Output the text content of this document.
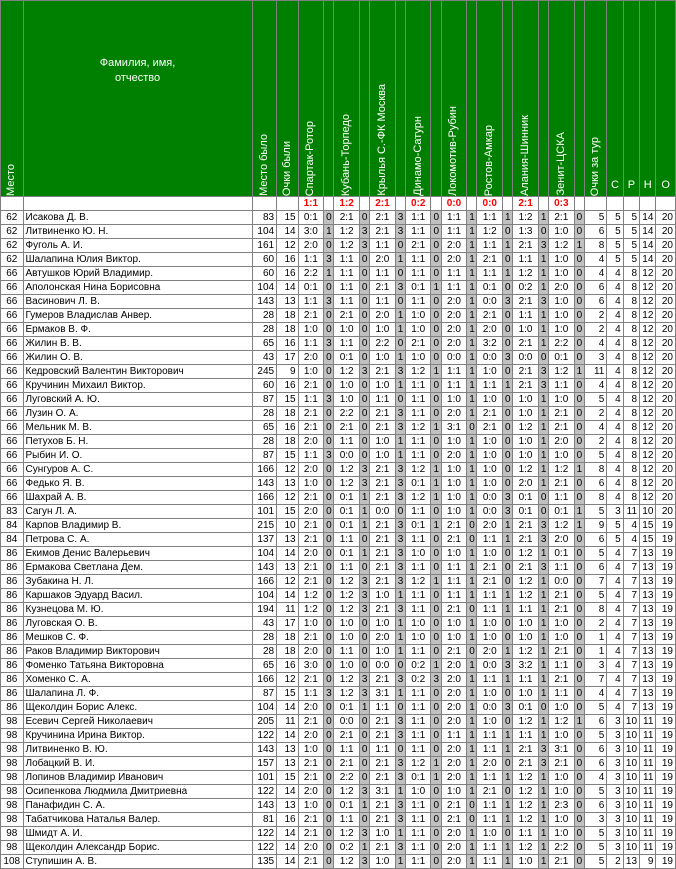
Место	Фамилия, имя,
отчество	Место было	Очки были	Спартак-Ротор		Кубань-Торпедо		Крылья С.-ФК Москва		Динамо-Сатурн		Локомотив-Рубин		Ростов-Амкар		Алания-Шинник		Зенит-ЦСКА		Очки за тур	С	Р	Н	О

				1:1		1:2		2:1		0:2		0:0		0:0		2:1		0:3						
62	Исакова Д. В.	83	15	0:1	0	2:1	0	2:1	3	1:1	0	1:1	1	1:1	1	1:2	1	2:1	0	5	5	5	14	20
62	Литвиненко Ю. Н.	104	14	3:0	1	1:2	3	2:1	3	1:1	0	1:1	1	1:2	0	1:3	0	1:0	0	6	5	5	14	20
62	Фуголь А. И.	161	12	2:0	0	1:2	3	1:1	0	2:1	0	2:0	1	1:1	1	2:1	3	1:2	1	8	5	5	14	20
62	Шалапина Юлия Виктор.	60	16	1:1	3	1:1	0	2:0	1	1:1	0	2:0	1	2:1	0	1:1	1	1:0	0	4	5	5	14	20
66	Автушков Юрий Владимир.	60	16	2:2	1	1:1	0	1:1	0	1:1	0	1:1	1	1:1	1	1:2	1	1:0	0	4	4	8	12	20
66	Аполонская Нина Борисовна	104	14	0:1	0	1:1	0	2:1	3	0:1	1	1:1	1	0:1	0	0:2	1	2:0	0	6	4	8	12	20
66	Васинович Л. В.	143	13	1:1	3	1:1	0	1:1	0	1:1	0	2:0	1	0:0	3	2:1	3	1:0	0	6	4	8	12	20
66	Гумеров Владислав Анвер.	28	18	2:1	0	2:1	0	2:0	1	1:0	0	2:0	1	2:1	0	1:1	1	1:0	0	2	4	8	12	20
66	Ермаков В. Ф.	28	18	1:0	0	1:0	0	1:0	1	1:0	0	2:0	1	2:0	0	1:0	1	1:0	0	2	4	8	12	20
66	Жилин В. В.	65	16	1:1	3	1:1	0	2:2	0	2:1	0	2:0	1	3:2	0	2:1	1	2:2	0	4	4	8	12	20
66	Жилин О. В.	43	17	2:0	0	0:1	0	1:0	1	1:0	0	0:0	1	0:0	3	0:0	0	0:1	0	3	4	8	12	20
66	Кедровский Валентин Викторович	245	9	1:0	0	1:2	3	2:1	3	1:2	1	1:1	1	1:0	0	2:1	3	1:2	1	11	4	8	12	20
66	Кручинин Михаил Виктор.	60	16	2:1	0	1:0	0	1:0	1	1:1	0	1:1	1	1:1	1	2:1	3	1:1	0	4	4	8	12	20
66	Луговский А. Ю.	87	15	1:1	3	1:0	0	1:1	0	1:1	0	1:0	1	1:0	0	1:0	1	1:0	0	5	4	8	12	20
66	Лузин О. А.	28	18	2:1	0	2:2	0	2:1	3	1:1	0	2:0	1	2:1	0	1:0	1	2:1	0	2	4	8	12	20
66	Мельник М. В.	65	16	2:1	0	2:1	0	2:1	3	1:2	1	3:1	0	2:1	0	1:2	1	2:1	0	4	4	8	12	20
66	Петухов Б. Н.	28	18	2:0	0	1:1	0	1:0	1	1:1	0	1:0	1	1:0	0	1:0	1	2:0	0	2	4	8	12	20
66	Рыбин И. О.	87	15	1:1	3	0:0	0	1:0	1	1:1	0	2:0	1	1:0	0	1:0	1	1:0	0	5	4	8	12	20
66	Сунгуров А. С.	166	12	2:0	0	1:2	3	2:1	3	1:2	1	1:0	1	1:0	0	1:2	1	1:2	1	8	4	8	12	20
66	Федько Я. В.	143	13	1:0	0	1:2	3	2:1	3	0:1	1	1:0	1	1:0	0	2:0	1	2:1	0	6	4	8	12	20
66	Шахрай А. В.	166	12	2:1	0	0:1	1	2:1	3	1:2	1	1:0	1	0:0	3	0:1	0	1:1	0	8	4	8	12	20
83	Сагун Л. А.	101	15	2:0	0	0:1	1	0:0	0	1:1	0	1:0	1	0:0	3	0:1	0	0:1	1	5	3	11	10	20
84	Карпов Владимир В.	215	10	2:1	0	0:1	1	2:1	3	0:1	1	2:1	0	2:0	1	2:1	3	1:2	1	9	5	4	15	19
84	Петрова С. А.	137	13	2:1	0	1:1	0	2:1	3	1:1	0	2:1	0	1:1	1	2:1	3	2:0	0	6	5	4	15	19
86	Екимов Денис Валерьевич	104	14	2:0	0	0:1	1	2:1	3	1:0	0	1:0	1	1:0	0	1:2	1	0:1	0	5	4	7	13	19
86	Ермакова Светлана Дем.	143	13	2:1	0	1:1	0	2:1	3	1:1	0	1:1	1	2:1	0	2:1	3	1:1	0	6	4	7	13	19
86	Зубакина Н. Л.	166	12	2:1	0	1:2	3	2:1	3	1:2	1	1:1	1	2:1	0	1:2	1	0:0	0	7	4	7	13	19
86	Каршаков Эдуард Васил.	104	14	1:2	0	1:2	3	1:0	1	1:1	0	1:1	1	1:1	1	1:2	1	2:1	0	5	4	7	13	19
86	Кузнецова М. Ю.	194	11	1:2	0	1:2	3	2:1	3	1:1	0	2:1	0	1:1	1	1:1	1	2:1	0	8	4	7	13	19
86	Луговская О. В.	43	17	1:0	0	1:0	0	1:0	1	1:0	0	1:0	1	1:0	0	1:0	1	1:0	0	2	4	7	13	19
86	Мешков С. Ф.	28	18	2:1	0	1:0	0	2:0	1	1:0	0	1:0	1	1:0	0	1:0	1	1:0	0	1	4	7	13	19
86	Раков Владимир Викторович	28	18	2:0	0	1:1	0	1:0	1	1:1	0	2:1	0	2:0	1	1:2	1	2:1	0	1	4	7	13	19
86	Фоменко Татьяна Викторовна	65	16	3:0	0	1:0	0	0:0	0	0:2	1	2:0	1	0:0	3	3:2	1	1:1	0	3	4	7	13	19
86	Хоменко С. А.	166	12	2:1	0	1:2	3	2:1	3	0:2	3	2:0	1	1:1	1	1:1	1	2:1	0	7	4	7	13	19
86	Шалапина Л. Ф.	87	15	1:1	3	1:2	3	3:1	1	1:1	0	2:0	1	1:0	0	1:0	1	1:1	0	4	4	7	13	19
86	Щеколдин Борис Алекс.	104	14	2:0	0	0:1	1	1:1	0	1:1	0	2:0	1	0:0	3	0:1	0	1:0	0	5	4	7	13	19
98	Есевич Сергей Николаевич	205	11	2:1	0	0:0	0	2:1	3	1:1	0	2:0	1	1:0	0	1:2	1	1:2	1	6	3	10	11	19
98	Кручинина Ирина Виктор.	122	14	2:0	0	2:1	0	2:1	3	1:1	0	1:1	1	1:1	1	1:1	1	1:0	0	5	3	10	11	19
98	Литвиненко В. Ю.	143	13	1:0	0	1:1	0	1:1	0	1:1	0	2:0	1	1:1	1	2:1	3	3:1	0	6	3	10	11	19
98	Лобацкий В. И.	157	13	2:1	0	2:1	0	2:1	3	1:2	1	2:0	1	2:0	0	2:1	3	2:1	0	6	3	10	11	19
98	Лопинов Владимир Иванович	101	15	2:1	0	2:2	0	2:1	3	0:1	1	2:0	1	1:1	1	1:2	1	1:0	0	4	3	10	11	19
98	Осипенкова Людмила Дмитриевна	122	14	2:0	0	1:2	3	3:1	1	1:0	0	1:0	1	2:1	0	1:2	1	1:0	0	5	3	10	11	19
98	Панафидин С. А.	143	13	1:0	0	0:1	1	2:1	3	1:1	0	2:1	0	1:1	1	1:2	1	2:3	0	6	3	10	11	19
98	Табатчикова Наталья Валер.	81	16	2:1	0	1:1	0	2:1	3	1:1	0	2:1	0	1:1	1	1:2	1	1:0	0	3	3	10	11	19
98	Шмидт А. И.	122	14	2:1	0	1:2	3	1:0	1	1:1	0	2:0	1	1:0	0	1:1	1	1:0	0	5	3	10	11	19
98	Щеколдин Александр Борис.	122	14	2:0	0	0:2	1	2:1	3	1:1	0	2:0	1	1:1	1	1:2	1	2:2	0	5	3	10	11	19
108	Ступишин А. В.	135	14	2:1	0	1:2	3	1:0	1	1:1	0	2:0	1	1:1	1	1:0	1	2:1	0	5	2	13	9	19
